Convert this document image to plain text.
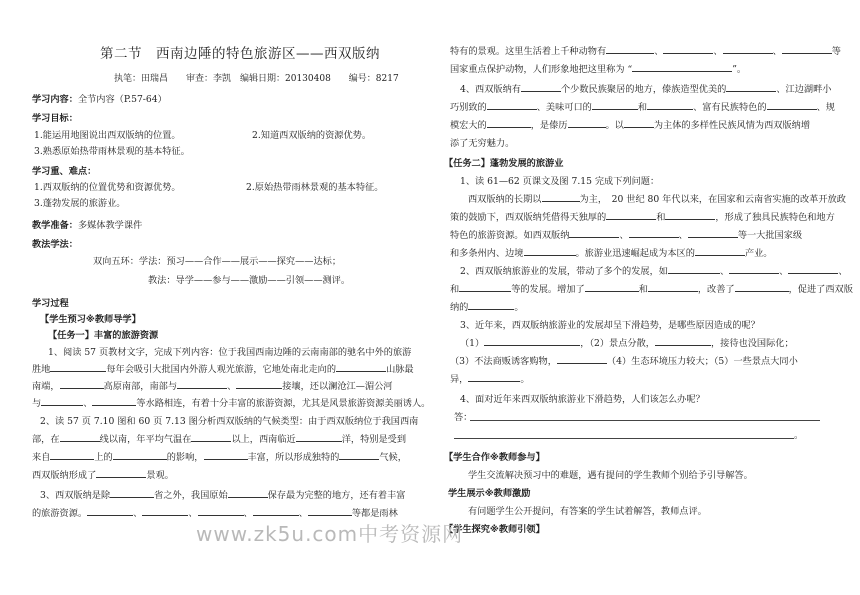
第二节　西南边陲的特色旅游区——西双版纳
执笔：田瑞昌　　审查：李凯　编辑日期：20130408　　编号：8217
学习内容：全节内容（P.57-64）
学习目标：
1.能运用地图说出西双版纳的位置。	2.知道西双版纳的资源优势。
3.熟悉原始热带雨林景观的基本特征。
学习重、难点：
1.西双版纳的位置优势和资源优势。	2.原始热带雨林景观的基本特征。
3.蓬勃发展的旅游业。
教学准备：多媒体教学课件
教法学法：
双向五环：学法：预习——合作——展示——探究——达标；
教法：导学——参与——激励——引领——测评。
学习过程
【学生预习※教师导学】
【任务一】丰富的旅游资源
1、阅读 57 页教材文字，完成下列内容：位于我国西南边陲的云南南部的驰名中外的旅游
胜地	每年会吸引大批国内外游人观光旅游，它地处南北走向的	山脉最
南端，	高原南部，南部与	、	接壤，还以澜沧江—湄公河
与	、	等水路相连，有着十分丰富的旅游资源，尤其是风景旅游资源美丽诱人。
2、读 57 页 7.10 图和 60 页 7.13 图分析西双版纳的气候类型：由于西双版纳位于我国西南
部，在	线以南，年平均气温在	以上，西南临近	洋，特别是受到
来自	上的	的影响，	丰富，所以形成独特的	气候，
西双版纳形成了	景观。
3、西双版纳是除	省之外，我国原始	保存最为完整的地方，还有着丰富
的旅游资源。	、	、	、	、	等都是雨林
特有的景观。这里生活着上千种动物有	、	、	、	等
国家重点保护动物，人们形象地把这里称为 “	”。
4、西双版纳有	个少数民族聚居的地方，傣族造型优美的	、江边湖畔小
巧别致的	、美味可口的	和	、富有民族特色的	、规
模宏大的	，是傣历	。以	为主体的多样性民族风情为西双版纳增
添了无穷魅力。
【任务二】蓬勃发展的旅游业
1、读 61—62 页课文及图 7.15 完成下列问题：
西双版纳的长期以	为主，　20 世纪 80 年代以来，在国家和云南省实施的改革开放政
策的鼓励下，西双版纳凭借得天独厚的	和	，形成了独具民族特色和地方
特色的旅游资源。如西双版纳	、	、	等一大批国家级
和多条州内、边境	。旅游业迅速崛起成为本区的	产业。
2、西双版纳旅游业的发展，带动了多个的发展，如	、	、	、
和	等的发展。增加了	和	，改善了	，促进了西双版
纳的	。
3、近年来，西双版纳旅游业的发展却呈下滑趋势，是哪些原因造成的呢？
（1）	，（2）景点分散，	，接待也没国际化；
（3）不法商贩诱客购物，	（4）生态环境压力较大；（5）一些景点大同小
异，	。
4、面对近年来西双版纳旅游业下滑趋势，人们该怎么办呢？
答：
。
【学生合作※教师参与】
学生交流解决预习中的难题，遇有提问的学生教师个别给予引导解答。
学生展示※教师激励
有问题学生公开提问，有答案的学生试着解答，教师点评。
【学生探究※教师引领】
www.zk5u.com中考资源网
